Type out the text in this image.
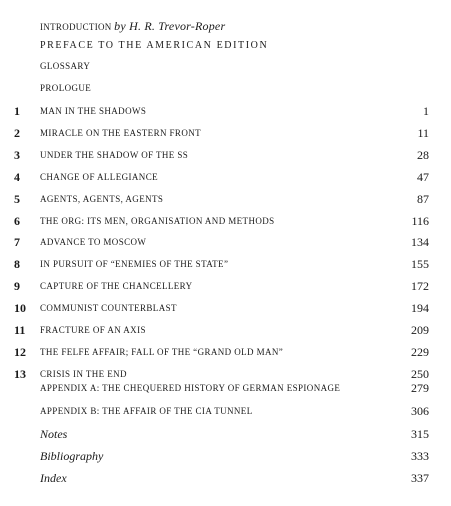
INTRODUCTION by H. R. Trevor-Roper
PREFACE TO THE AMERICAN EDITION
GLOSSARY
PROLOGUE
1	MAN IN THE SHADOWS	1
2	MIRACLE ON THE EASTERN FRONT	11
3	UNDER THE SHADOW OF THE SS	28
4	CHANGE OF ALLEGIANCE	47
5	AGENTS, AGENTS, AGENTS	87
6	THE ORG: ITS MEN, ORGANISATION AND METHODS	116
7	ADVANCE TO MOSCOW	134
8	IN PURSUIT OF “ENEMIES OF THE STATE”	155
9	CAPTURE OF THE CHANCELLERY	172
10	COMMUNIST COUNTERBLAST	194
11	FRACTURE OF AN AXIS	209
12	THE FELFE AFFAIR; FALL OF THE “GRAND OLD MAN”	229
13	CRISIS IN THE END	250
APPENDIX A: THE CHEQUERED HISTORY OF GERMAN ESPIONAGE	279
APPENDIX B: THE AFFAIR OF THE CIA TUNNEL	306
Notes	315
Bibliography	333
Index	337
